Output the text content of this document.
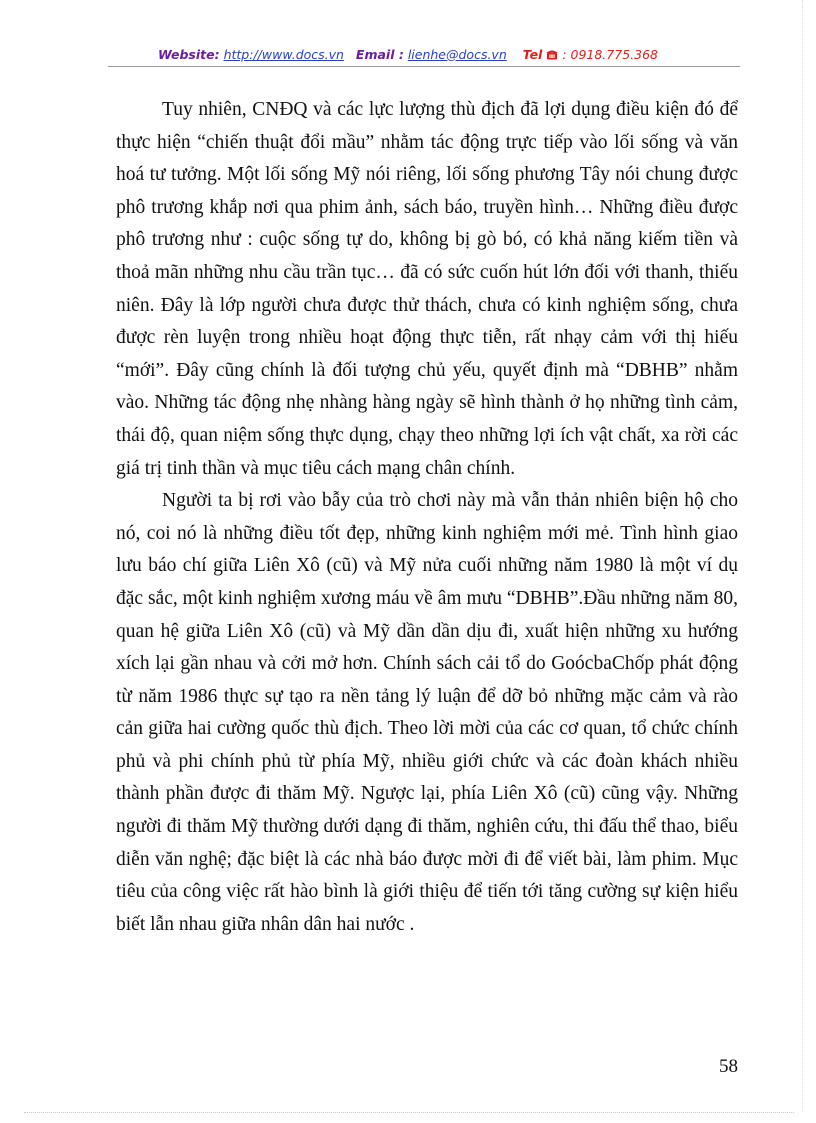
Website: http://www.docs.vn Email : lienhe@docs.vn Tel : 0918.775.368

Tuy nhiên, CNĐQ và các lực lượng thù địch đã lợi dụng điều kiện đó để thực hiện “chiến thuật đổi mầu” nhằm tác động trực tiếp vào lối sống và văn hoá tư tưởng. Một lối sống Mỹ nói riêng, lối sống phương Tây nói chung được phô trương khắp nơi qua phim ảnh, sách báo, truyền hình… Những điều được phô trương như : cuộc sống tự do, không bị gò bó, có khả năng kiếm tiền và thoả mãn những nhu cầu trần tục… đã có sức cuốn hút lớn đối với thanh, thiếu niên. Đây là lớp người chưa được thử thách, chưa có kinh nghiệm sống, chưa được rèn luyện trong nhiều hoạt động thực tiễn, rất nhạy cảm với thị hiếu “mới”. Đây cũng chính là đối tượng chủ yếu, quyết định mà “DBHB” nhằm vào. Những tác động nhẹ nhàng hàng ngày sẽ hình thành ở họ những tình cảm, thái độ, quan niệm sống thực dụng, chạy theo những lợi ích vật chất, xa rời các giá trị tinh thần và mục tiêu cách mạng chân chính.

Người ta bị rơi vào bẫy của trò chơi này mà vẫn thản nhiên biện hộ cho nó, coi nó là những điều tốt đẹp, những kinh nghiệm mới mẻ. Tình hình giao lưu báo chí giữa Liên Xô (cũ) và Mỹ nửa cuối những năm 1980 là một ví dụ đặc sắc, một kinh nghiệm xương máu về âm mưu “DBHB”.Đầu những năm 80, quan hệ giữa Liên Xô (cũ) và Mỹ dần dần dịu đi, xuất hiện những xu hướng xích lại gần nhau và cởi mở hơn. Chính sách cải tổ do GoócbaChốp phát động từ năm 1986 thực sự tạo ra nền tảng lý luận để dỡ bỏ những mặc cảm và rào cản giữa hai cường quốc thù địch. Theo lời mời của các cơ quan, tổ chức chính phủ và phi chính phủ từ phía Mỹ, nhiều giới chức và các đoàn khách nhiều thành phần được đi thăm Mỹ. Ngược lại, phía Liên Xô (cũ) cũng vậy. Những người đi thăm Mỹ thường dưới dạng đi thăm, nghiên cứu, thi đấu thể thao, biểu diễn văn nghệ; đặc biệt là các nhà báo được mời đi để viết bài, làm phim. Mục tiêu của công việc rất hào bình là giới thiệu để tiến tới tăng cường sự kiện hiểu biết lẫn nhau giữa nhân dân hai nước .

58
